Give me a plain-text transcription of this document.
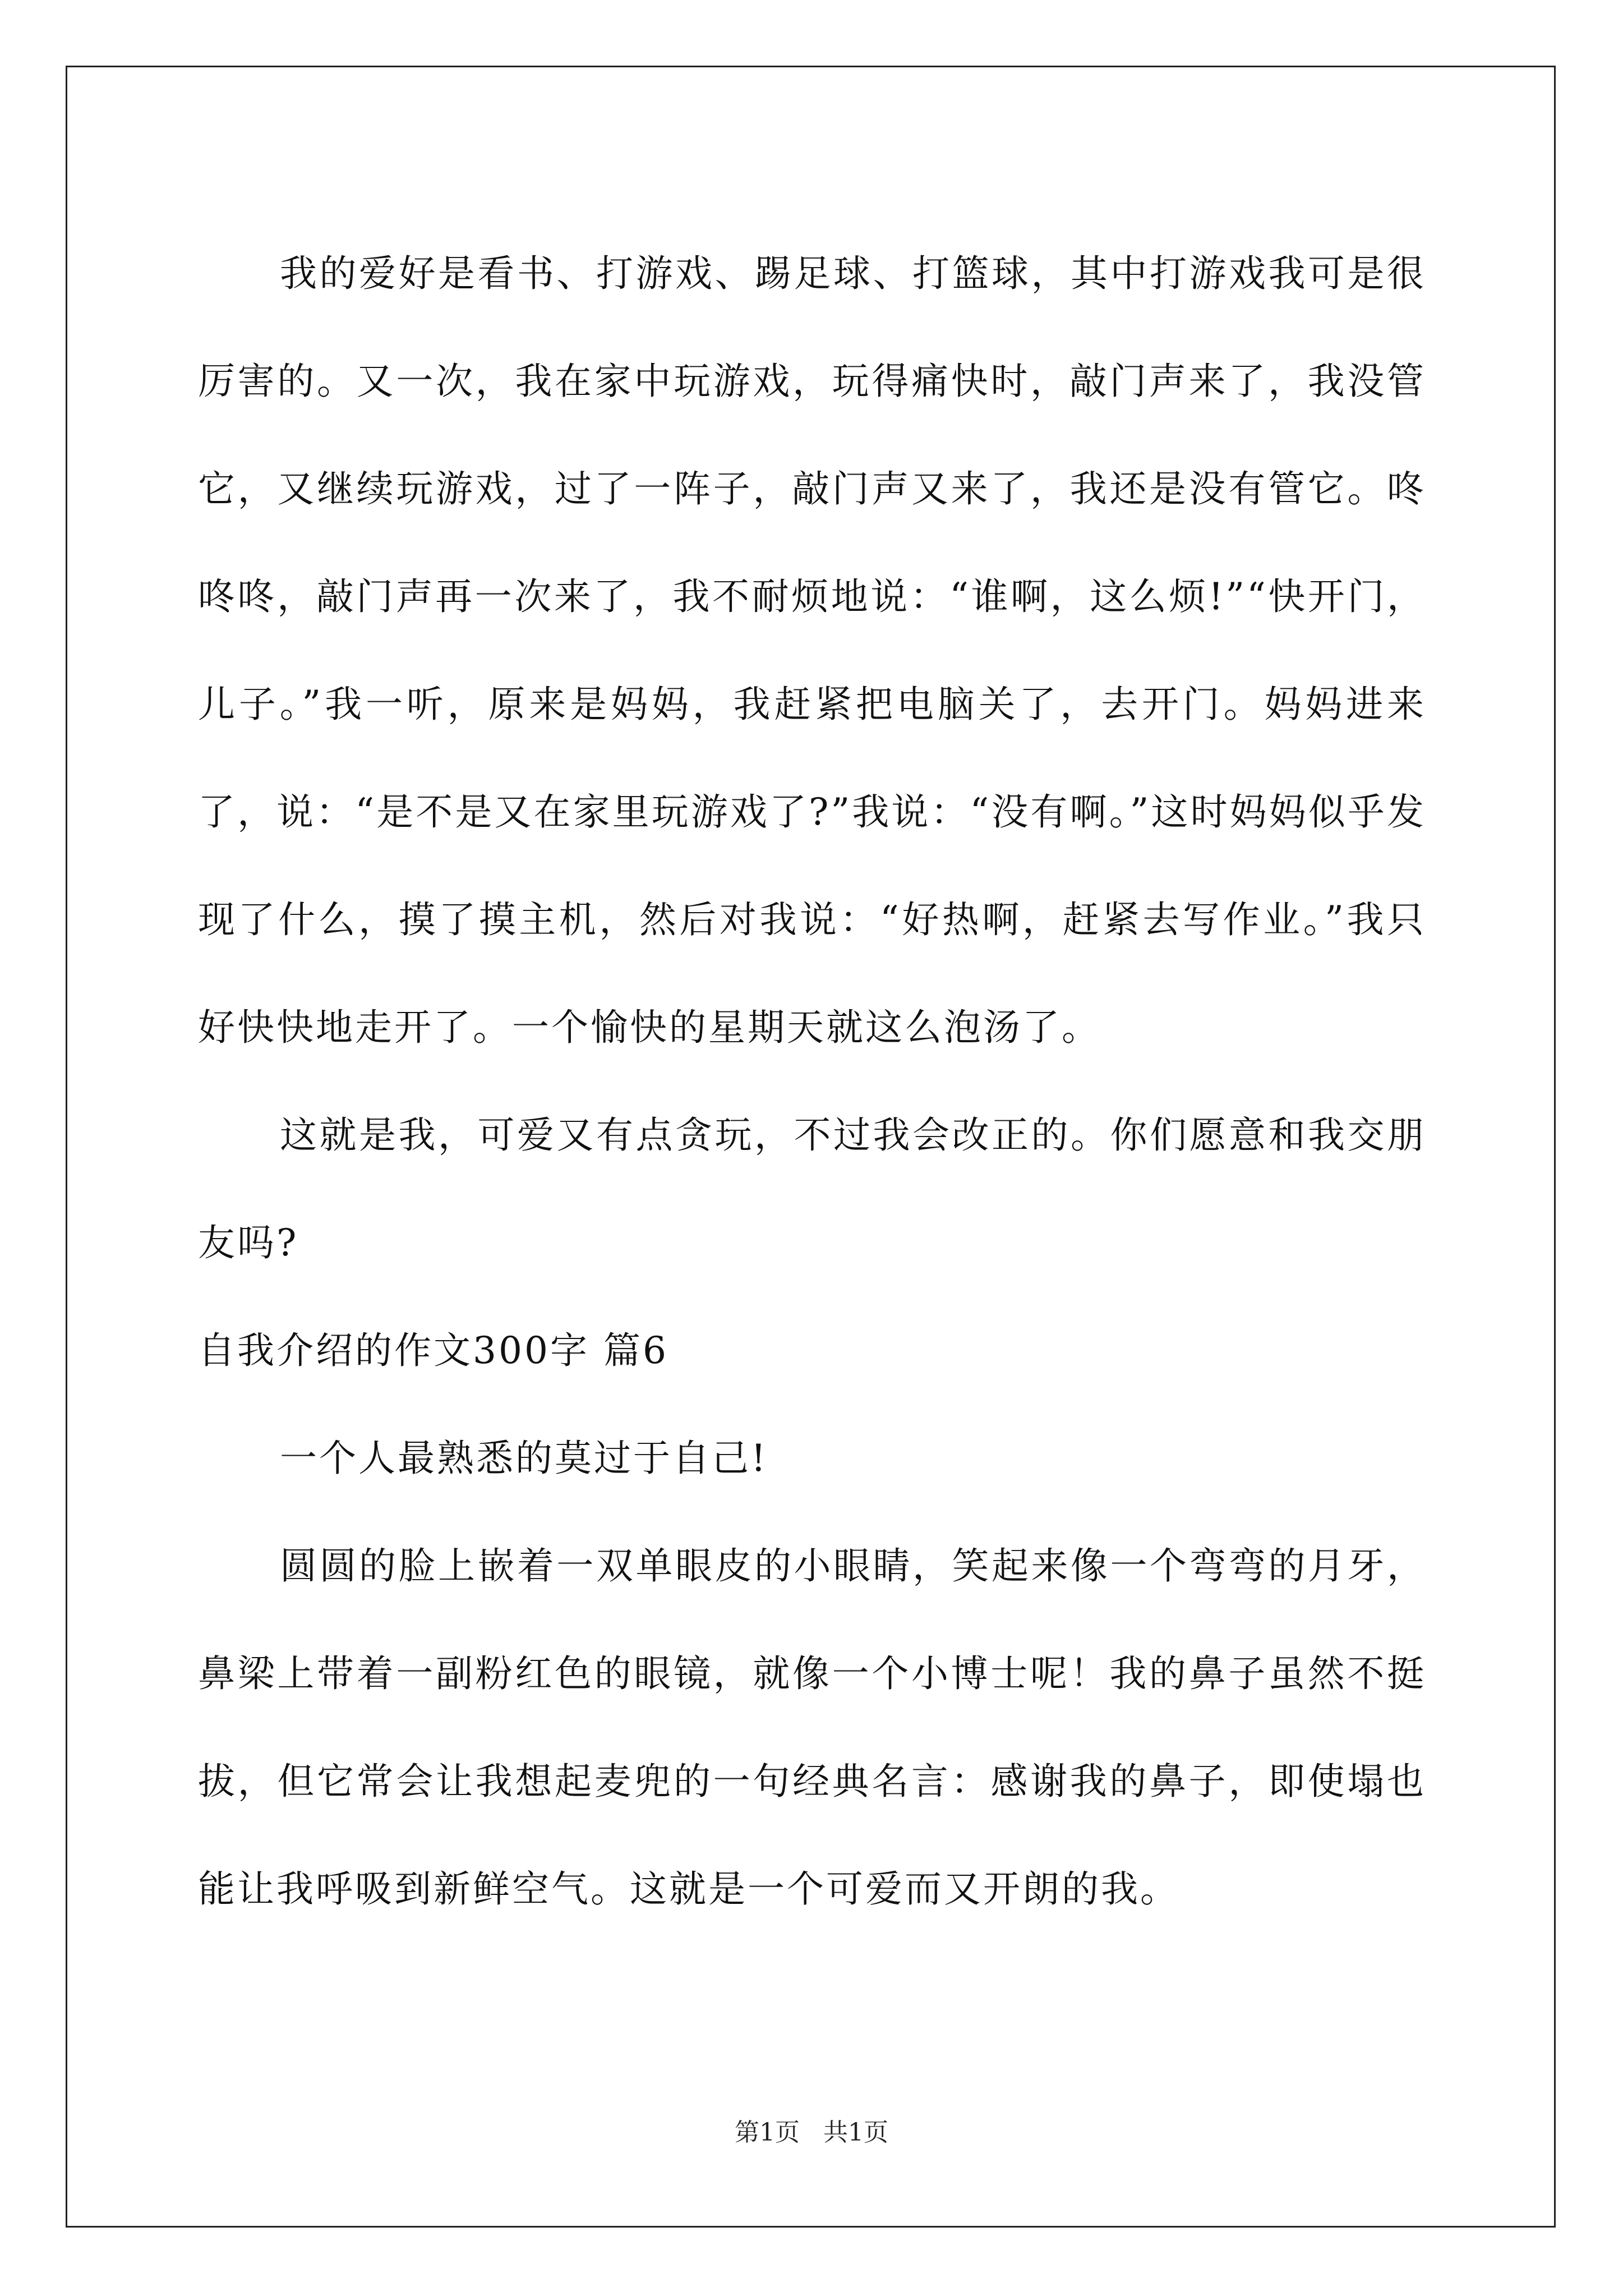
我的爱好是看书、打游戏、踢足球、打篮球，其中打游戏我可是很厉害的。又一次，我在家中玩游戏，玩得痛快时，敲门声来了，我没管它，又继续玩游戏，过了一阵子，敲门声又来了，我还是没有管它。咚咚咚，敲门声再一次来了，我不耐烦地说：“谁啊，这么烦!”“快开门，儿子。”我一听，原来是妈妈，我赶紧把电脑关了，去开门。妈妈进来了，说：“是不是又在家里玩游戏了?”我说：“没有啊。”这时妈妈似乎发现了什么，摸了摸主机，然后对我说：“好热啊，赶紧去写作业。”我只好快快地走开了。一个愉快的星期天就这么泡汤了。

这就是我，可爱又有点贪玩，不过我会改正的。你们愿意和我交朋友吗?

自我介绍的作文300字 篇6

一个人最熟悉的莫过于自己!

圆圆的脸上嵌着一双单眼皮的小眼睛，笑起来像一个弯弯的月牙，鼻梁上带着一副粉红色的眼镜，就像一个小博士呢！我的鼻子虽然不挺拔，但它常会让我想起麦兜的一句经典名言：感谢我的鼻子，即使塌也能让我呼吸到新鲜空气。这就是一个可爱而又开朗的我。

第1页   共1页
